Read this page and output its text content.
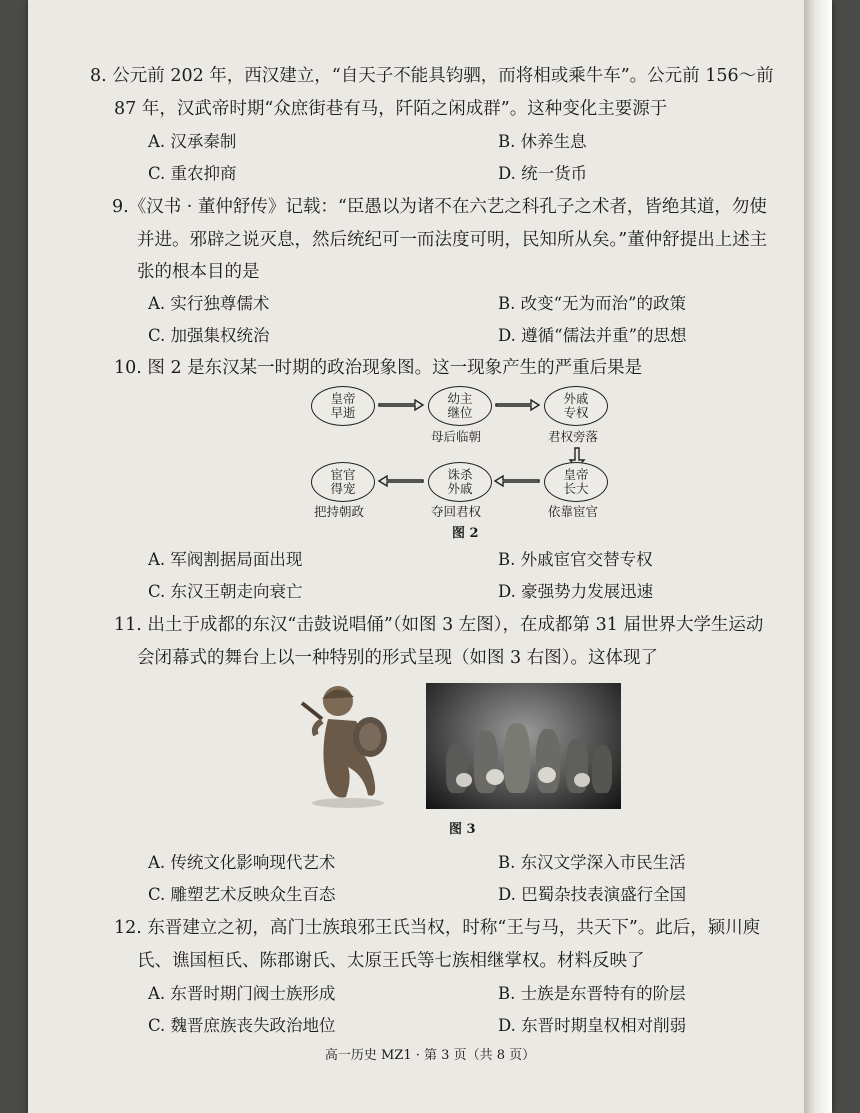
8. 公元前 202 年，西汉建立，“自天子不能具钧驷，而将相或乘牛车”。公元前 156～前
87 年，汉武帝时期“众庶街巷有马，阡陌之闲成群”。这种变化主要源于
A. 汉承秦制	B. 休养生息
C. 重农抑商	D. 统一货币
9.《汉书 · 董仲舒传》记载：“臣愚以为诸不在六艺之科孔子之术者，皆绝其道，勿使
并进。邪辟之说灭息，然后统纪可一而法度可明，民知所从矣。”董仲舒提出上述主
张的根本目的是
A. 实行独尊儒术	B. 改变“无为而治”的政策
C. 加强集权统治	D. 遵循“儒法并重”的思想
10. 图 2 是东汉某一时期的政治现象图。这一现象产生的严重后果是
皇帝
早逝
幼主
继位
外戚
专权
皇帝
长大
诛杀
外戚
宦官
得宠
母后临朝	君权旁落
依靠宦官
夺回君权
把持朝政
图 2
A. 军阀割据局面出现	B. 外戚宦官交替专权
C. 东汉王朝走向衰亡	D. 豪强势力发展迅速
11. 出土于成都的东汉“击鼓说唱俑”（如图 3 左图），在成都第 31 届世界大学生运动
会闭幕式的舞台上以一种特别的形式呈现（如图 3 右图）。这体现了
图 3
A. 传统文化影响现代艺术	B. 东汉文学深入市民生活
C. 雕塑艺术反映众生百态	D. 巴蜀杂技表演盛行全国
12. 东晋建立之初，高门士族琅邪王氏当权，时称“王与马，共天下”。此后，颍川庾
氏、谯国桓氏、陈郡谢氏、太原王氏等七族相继掌权。材料反映了
A. 东晋时期门阀士族形成	B. 士族是东晋特有的阶层
C. 魏晋庶族丧失政治地位	D. 东晋时期皇权相对削弱
高一历史 MZ1 · 第 3 页（共 8 页）
